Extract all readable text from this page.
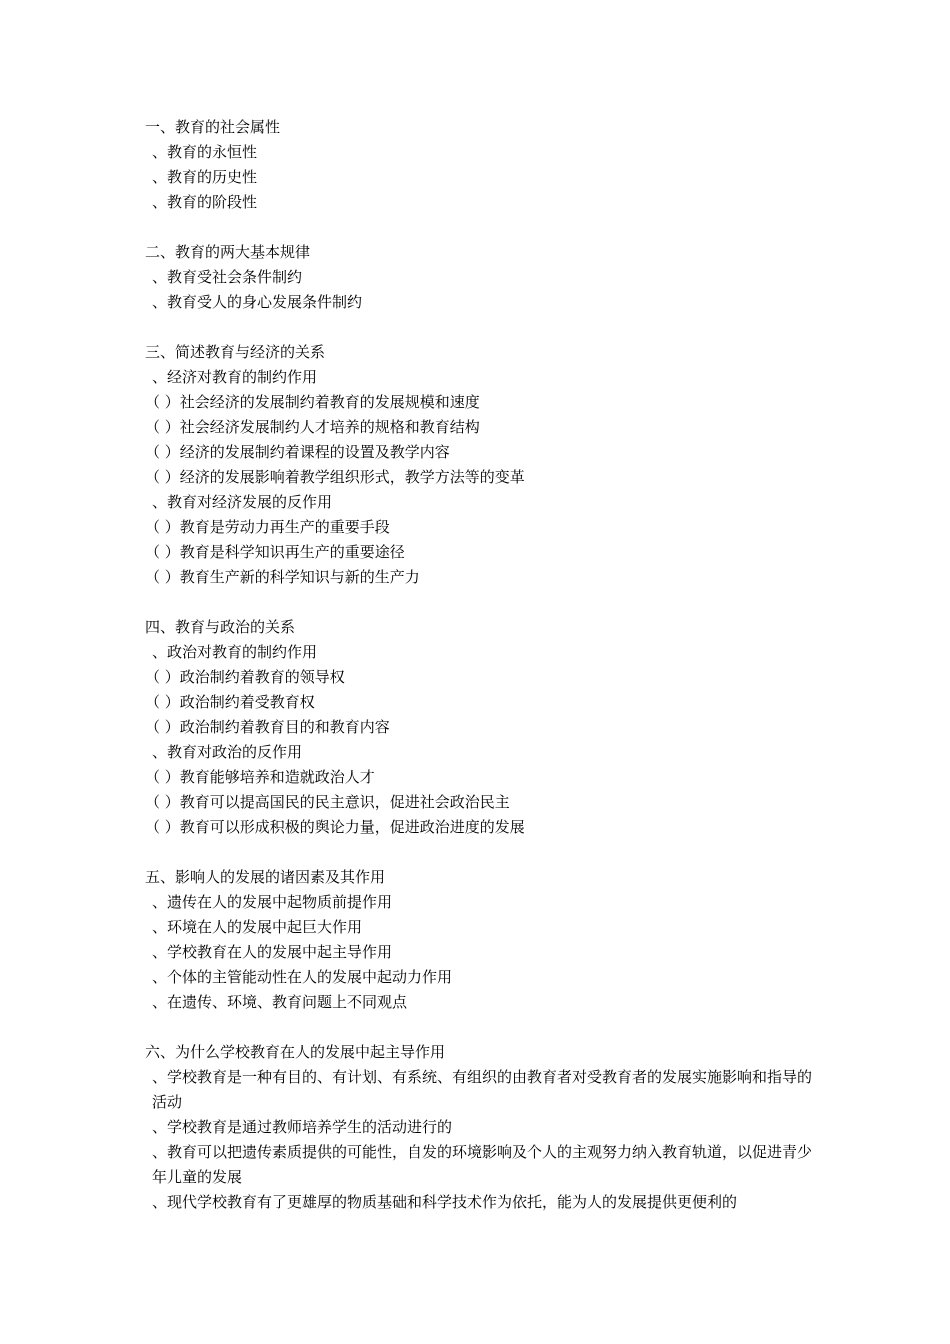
一、教育的社会属性
、教育的永恒性
、教育的历史性
、教育的阶段性
二、教育的两大基本规律
、教育受社会条件制约
、教育受人的身心发展条件制约
三、简述教育与经济的关系
、经济对教育的制约作用
（ ）社会经济的发展制约着教育的发展规模和速度
（ ）社会经济发展制约人才培养的规格和教育结构
（ ）经济的发展制约着课程的设置及教学内容
（ ）经济的发展影响着教学组织形式，教学方法等的变革
、教育对经济发展的反作用
（ ）教育是劳动力再生产的重要手段
（ ）教育是科学知识再生产的重要途径
（ ）教育生产新的科学知识与新的生产力
四、教育与政治的关系
、政治对教育的制约作用
（ ）政治制约着教育的领导权
（ ）政治制约着受教育权
（ ）政治制约着教育目的和教育内容
、教育对政治的反作用
（ ）教育能够培养和造就政治人才
（ ）教育可以提高国民的民主意识，促进社会政治民主
（ ）教育可以形成积极的舆论力量，促进政治进度的发展
五、影响人的发展的诸因素及其作用
、遗传在人的发展中起物质前提作用
、环境在人的发展中起巨大作用
、学校教育在人的发展中起主导作用
、个体的主管能动性在人的发展中起动力作用
、在遗传、环境、教育问题上不同观点
六、为什么学校教育在人的发展中起主导作用
、学校教育是一种有目的、有计划、有系统、有组织的由教育者对受教育者的发展实施影响和指导的活动
、学校教育是通过教师培养学生的活动进行的
、教育可以把遗传素质提供的可能性，自发的环境影响及个人的主观努力纳入教育轨道，以促进青少年儿童的发展
、现代学校教育有了更雄厚的物质基础和科学技术作为依托，能为人的发展提供更便利的
